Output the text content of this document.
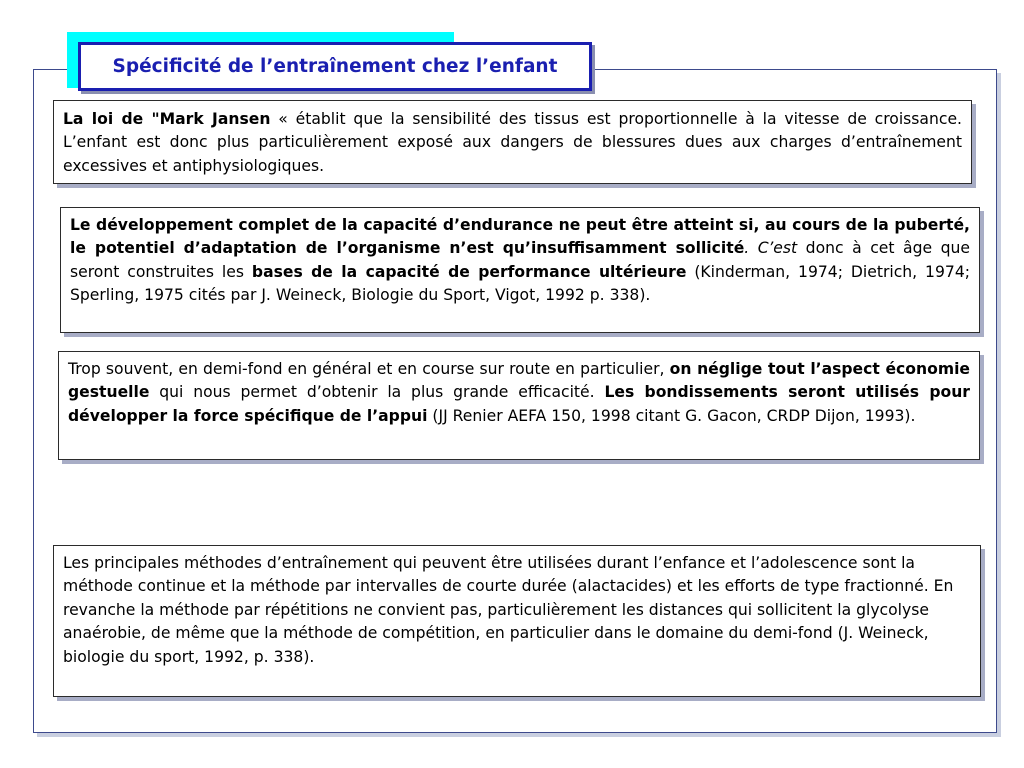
Spécificité de l’entraînement chez l’enfant
La loi de "Mark Jansen « établit que la sensibilité des tissus est proportionnelle à la vitesse de croissance. L’enfant est donc plus particulièrement exposé aux dangers de blessures dues aux charges d’entraînement excessives et antiphysiologiques.
Le développement complet de la capacité d’endurance ne peut être atteint si, au cours de la puberté, le potentiel d’adaptation de l’organisme n’est qu’insuffisamment sollicité. C’est donc à cet âge que seront construites les bases de la capacité de performance ultérieure (Kinderman, 1974; Dietrich, 1974; Sperling, 1975 cités par J. Weineck, Biologie du Sport, Vigot, 1992 p. 338).
Trop souvent, en demi-fond en général et en course sur route en particulier, on néglige tout l’aspect économie gestuelle qui nous permet d’obtenir la plus grande efficacité. Les bondissements seront utilisés pour développer la force spécifique de l’appui (JJ Renier AEFA 150, 1998 citant G. Gacon, CRDP Dijon, 1993).
Les principales méthodes d’entraînement qui peuvent être utilisées durant l’enfance et l’adolescence sont la méthode continue et la méthode par intervalles de courte durée (alactacides) et les efforts de type fractionné. En revanche la méthode par répétitions ne convient pas, particulièrement les distances qui sollicitent la glycolyse anaérobie, de même que la méthode de compétition, en particulier dans le domaine du demi-fond (J. Weineck, biologie du sport, 1992, p. 338).
